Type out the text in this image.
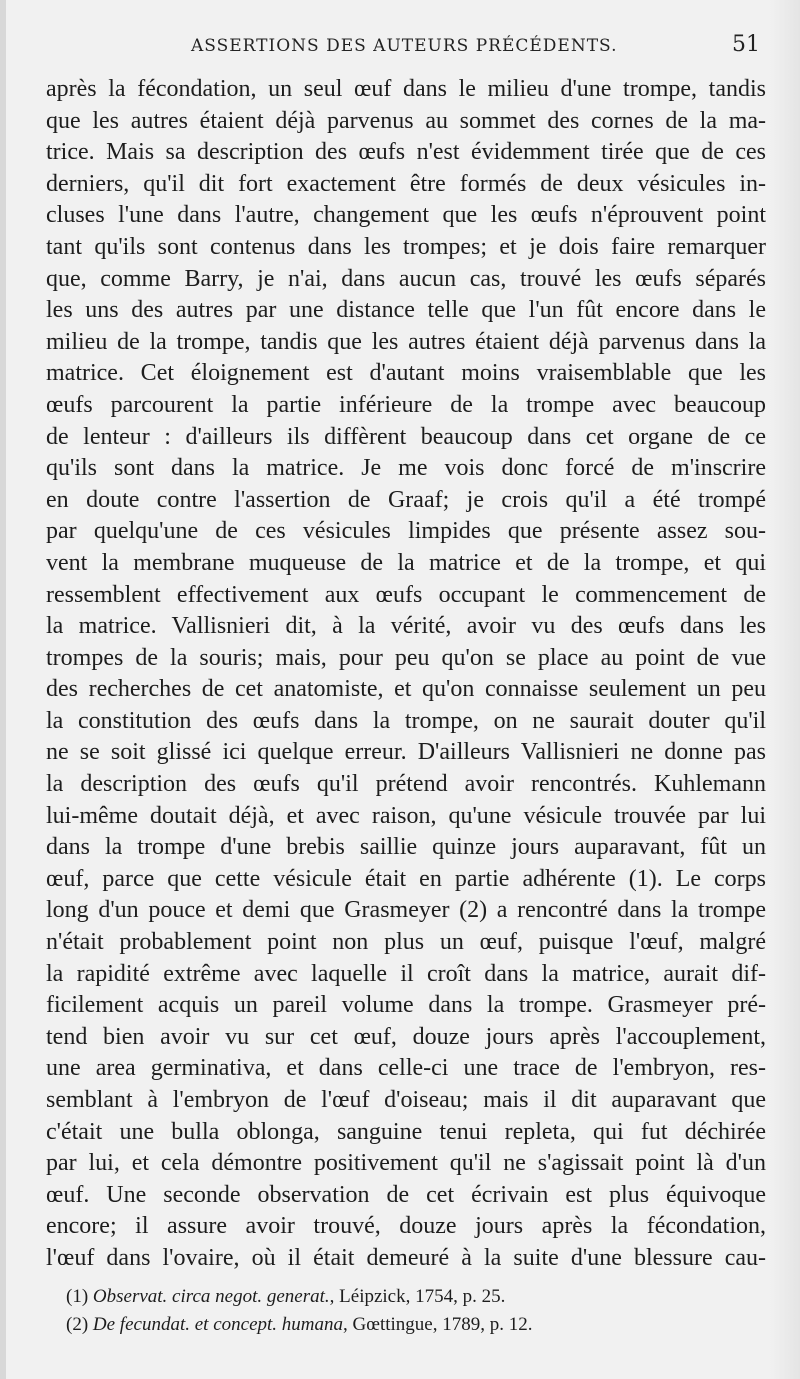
ASSERTIONS DES AUTEURS PRÉCÉDENTS.	51
après la fécondation, un seul œuf dans le milieu d'une trompe, tandis
que les autres étaient déjà parvenus au sommet des cornes de la ma-
trice. Mais sa description des œufs n'est évidemment tirée que de ces
derniers, qu'il dit fort exactement être formés de deux vésicules in-
cluses l'une dans l'autre, changement que les œufs n'éprouvent point
tant qu'ils sont contenus dans les trompes; et je dois faire remarquer
que, comme Barry, je n'ai, dans aucun cas, trouvé les œufs séparés
les uns des autres par une distance telle que l'un fût encore dans le
milieu de la trompe, tandis que les autres étaient déjà parvenus dans la
matrice. Cet éloignement est d'autant moins vraisemblable que les
œufs parcourent la partie inférieure de la trompe avec beaucoup
de lenteur : d'ailleurs ils diffèrent beaucoup dans cet organe de ce
qu'ils sont dans la matrice. Je me vois donc forcé de m'inscrire
en doute contre l'assertion de Graaf; je crois qu'il a été trompé
par quelqu'une de ces vésicules limpides que présente assez sou-
vent la membrane muqueuse de la matrice et de la trompe, et qui
ressemblent effectivement aux œufs occupant le commencement de
la matrice. Vallisnieri dit, à la vérité, avoir vu des œufs dans les
trompes de la souris; mais, pour peu qu'on se place au point de vue
des recherches de cet anatomiste, et qu'on connaisse seulement un peu
la constitution des œufs dans la trompe, on ne saurait douter qu'il
ne se soit glissé ici quelque erreur. D'ailleurs Vallisnieri ne donne pas
la description des œufs qu'il prétend avoir rencontrés. Kuhlemann
lui-même doutait déjà, et avec raison, qu'une vésicule trouvée par lui
dans la trompe d'une brebis saillie quinze jours auparavant, fût un
œuf, parce que cette vésicule était en partie adhérente (1). Le corps
long d'un pouce et demi que Grasmeyer (2) a rencontré dans la trompe
n'était probablement point non plus un œuf, puisque l'œuf, malgré
la rapidité extrême avec laquelle il croît dans la matrice, aurait dif-
ficilement acquis un pareil volume dans la trompe. Grasmeyer pré-
tend bien avoir vu sur cet œuf, douze jours après l'accouplement,
une area germinativa, et dans celle-ci une trace de l'embryon, res-
semblant à l'embryon de l'œuf d'oiseau; mais il dit auparavant que
c'était une bulla oblonga, sanguine tenui repleta, qui fut déchirée
par lui, et cela démontre positivement qu'il ne s'agissait point là d'un
œuf. Une seconde observation de cet écrivain est plus équivoque
encore; il assure avoir trouvé, douze jours après la fécondation,
l'œuf dans l'ovaire, où il était demeuré à la suite d'une blessure cau-
(1) Observat. circa negot. generat., Léipzick, 1754, p. 25.
(2) De fecundat. et concept. humana, Gœttingue, 1789, p. 12.
